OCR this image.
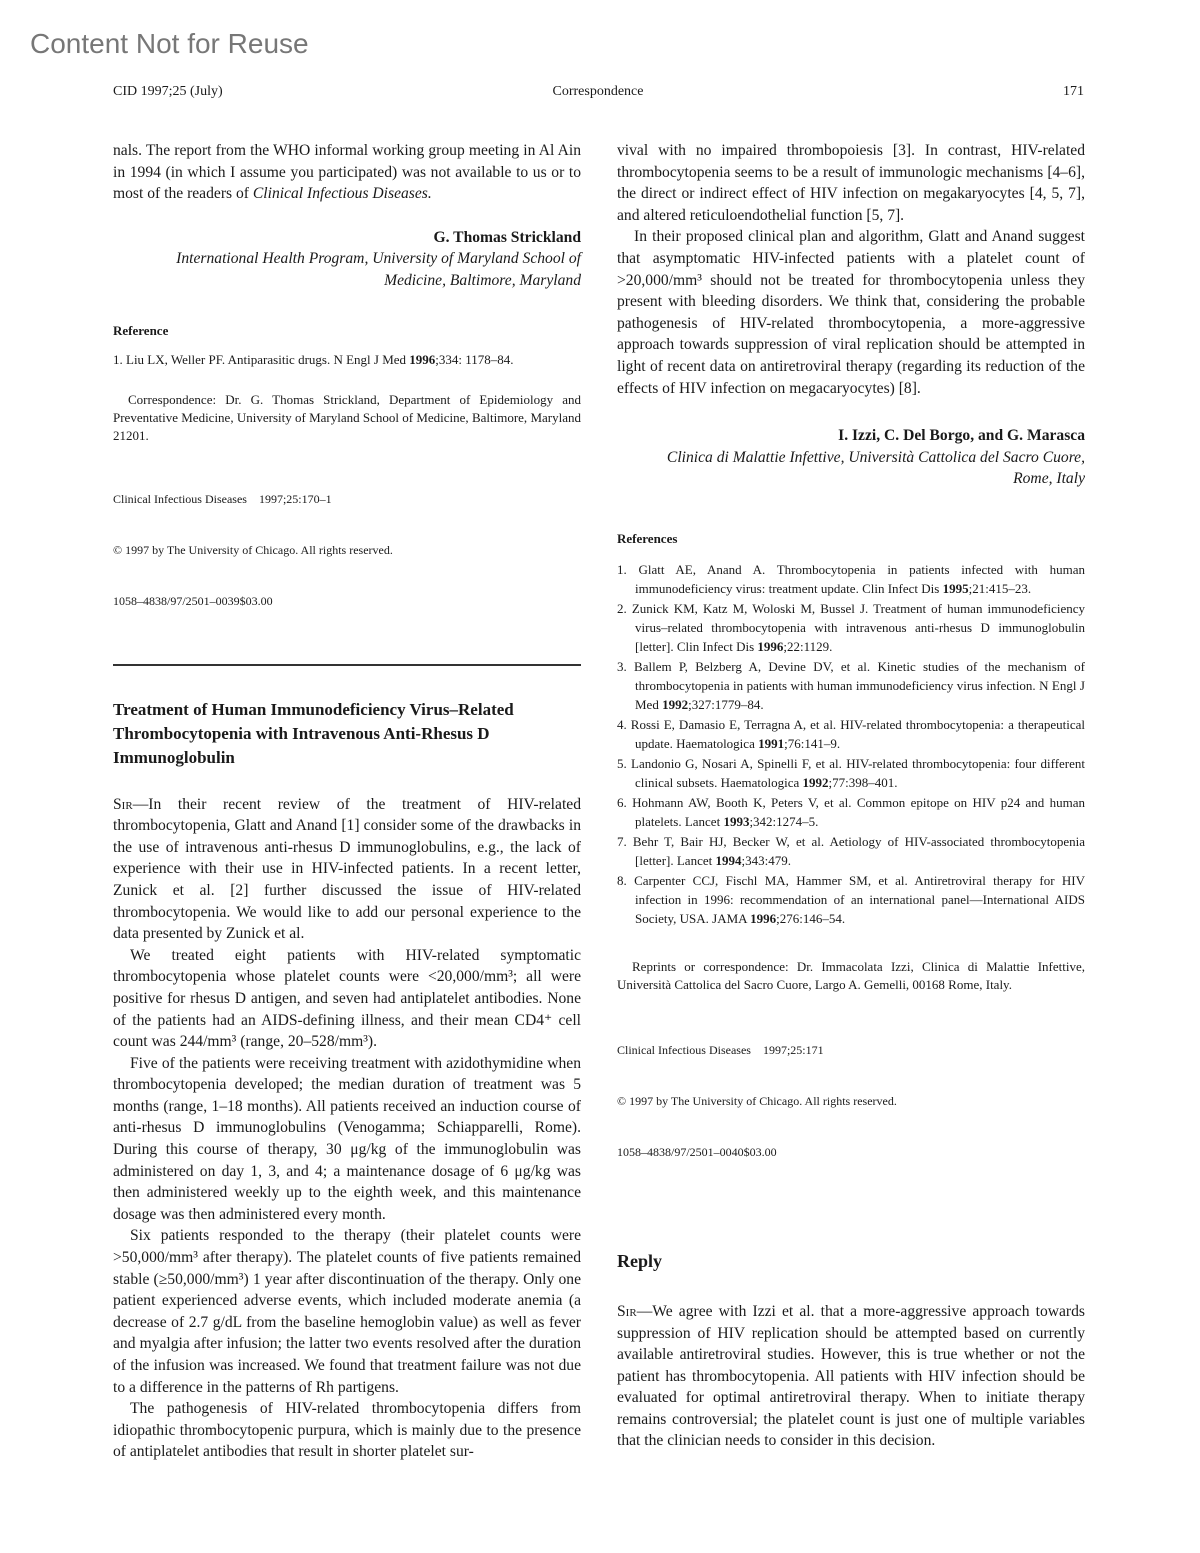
Content Not for Reuse
CID 1997;25 (July)	Correspondence	171

nals. The report from the WHO informal working group meeting in Al Ain in 1994 (in which I assume you participated) was not available to us or to most of the readers of Clinical Infectious Diseases.

G. Thomas Strickland
International Health Program, University of Maryland School of Medicine, Baltimore, Maryland
Reference
1. Liu LX, Weller PF. Antiparasitic drugs. N Engl J Med 1996;334: 1178–84.
Correspondence: Dr. G. Thomas Strickland, Department of Epidemiology and Preventative Medicine, University of Maryland School of Medicine, Baltimore, Maryland 21201.

Clinical Infectious Diseases    1997;25:170–1

© 1997 by The University of Chicago. All rights reserved.

1058–4838/97/2501–0039$03.00

Treatment of Human Immunodeficiency Virus–Related Thrombocytopenia with Intravenous Anti-Rhesus D Immunoglobulin

Sir—In their recent review of the treatment of HIV-related thrombocytopenia, Glatt and Anand [1] consider some of the drawbacks in the use of intravenous anti-rhesus D immunoglobulins, e.g., the lack of experience with their use in HIV-infected patients. In a recent letter, Zunick et al. [2] further discussed the issue of HIV-related thrombocytopenia. We would like to add our personal experience to the data presented by Zunick et al.

We treated eight patients with HIV-related symptomatic thrombocytopenia whose platelet counts were <20,000/mm³; all were positive for rhesus D antigen, and seven had antiplatelet antibodies. None of the patients had an AIDS-defining illness, and their mean CD4⁺ cell count was 244/mm³ (range, 20–528/mm³).

Five of the patients were receiving treatment with azidothymidine when thrombocytopenia developed; the median duration of treatment was 5 months (range, 1–18 months). All patients received an induction course of anti-rhesus D immunoglobulins (Venogamma; Schiapparelli, Rome). During this course of therapy, 30 μg/kg of the immunoglobulin was administered on day 1, 3, and 4; a maintenance dosage of 6 μg/kg was then administered weekly up to the eighth week, and this maintenance dosage was then administered every month.

Six patients responded to the therapy (their platelet counts were >50,000/mm³ after therapy). The platelet counts of five patients remained stable (≥50,000/mm³) 1 year after discontinuation of the therapy. Only one patient experienced adverse events, which included moderate anemia (a decrease of 2.7 g/dL from the baseline hemoglobin value) as well as fever and myalgia after infusion; the latter two events resolved after the duration of the infusion was increased. We found that treatment failure was not due to a difference in the patterns of Rh partigens.

The pathogenesis of HIV-related thrombocytopenia differs from idiopathic thrombocytopenic purpura, which is mainly due to the presence of antiplatelet antibodies that result in shorter platelet sur-

vival with no impaired thrombopoiesis [3]. In contrast, HIV-related thrombocytopenia seems to be a result of immunologic mechanisms [4–6], the direct or indirect effect of HIV infection on megakaryocytes [4, 5, 7], and altered reticuloendothelial function [5, 7].

In their proposed clinical plan and algorithm, Glatt and Anand suggest that asymptomatic HIV-infected patients with a platelet count of >20,000/mm³ should not be treated for thrombocytopenia unless they present with bleeding disorders. We think that, considering the probable pathogenesis of HIV-related thrombocytopenia, a more-aggressive approach towards suppression of viral replication should be attempted in light of recent data on antiretroviral therapy (regarding its reduction of the effects of HIV infection on megacaryocytes) [8].

I. Izzi, C. Del Borgo, and G. Marasca
Clinica di Malattie Infettive, Università Cattolica del Sacro Cuore, Rome, Italy
References
1. Glatt AE, Anand A. Thrombocytopenia in patients infected with human immunodeficiency virus: treatment update. Clin Infect Dis 1995;21:415–23.
2. Zunick KM, Katz M, Woloski M, Bussel J. Treatment of human immunodeficiency virus–related thrombocytopenia with intravenous anti-rhesus D immunoglobulin [letter]. Clin Infect Dis 1996;22:1129.
3. Ballem P, Belzberg A, Devine DV, et al. Kinetic studies of the mechanism of thrombocytopenia in patients with human immunodeficiency virus infection. N Engl J Med 1992;327:1779–84.
4. Rossi E, Damasio E, Terragna A, et al. HIV-related thrombocytopenia: a therapeutical update. Haematologica 1991;76:141–9.
5. Landonio G, Nosari A, Spinelli F, et al. HIV-related thrombocytopenia: four different clinical subsets. Haematologica 1992;77:398–401.
6. Hohmann AW, Booth K, Peters V, et al. Common epitope on HIV p24 and human platelets. Lancet 1993;342:1274–5.
7. Behr T, Bair HJ, Becker W, et al. Aetiology of HIV-associated thrombocytopenia [letter]. Lancet 1994;343:479.
8. Carpenter CCJ, Fischl MA, Hammer SM, et al. Antiretroviral therapy for HIV infection in 1996: recommendation of an international panel—International AIDS Society, USA. JAMA 1996;276:146–54.
Reprints or correspondence: Dr. Immacolata Izzi, Clinica di Malattie Infettive, Università Cattolica del Sacro Cuore, Largo A. Gemelli, 00168 Rome, Italy.

Clinical Infectious Diseases    1997;25:171

© 1997 by The University of Chicago. All rights reserved.

1058–4838/97/2501–0040$03.00

Reply

Sir—We agree with Izzi et al. that a more-aggressive approach towards suppression of HIV replication should be attempted based on currently available antiretroviral studies. However, this is true whether or not the patient has thrombocytopenia. All patients with HIV infection should be evaluated for optimal antiretroviral therapy. When to initiate therapy remains controversial; the platelet count is just one of multiple variables that the clinician needs to consider in this decision.
